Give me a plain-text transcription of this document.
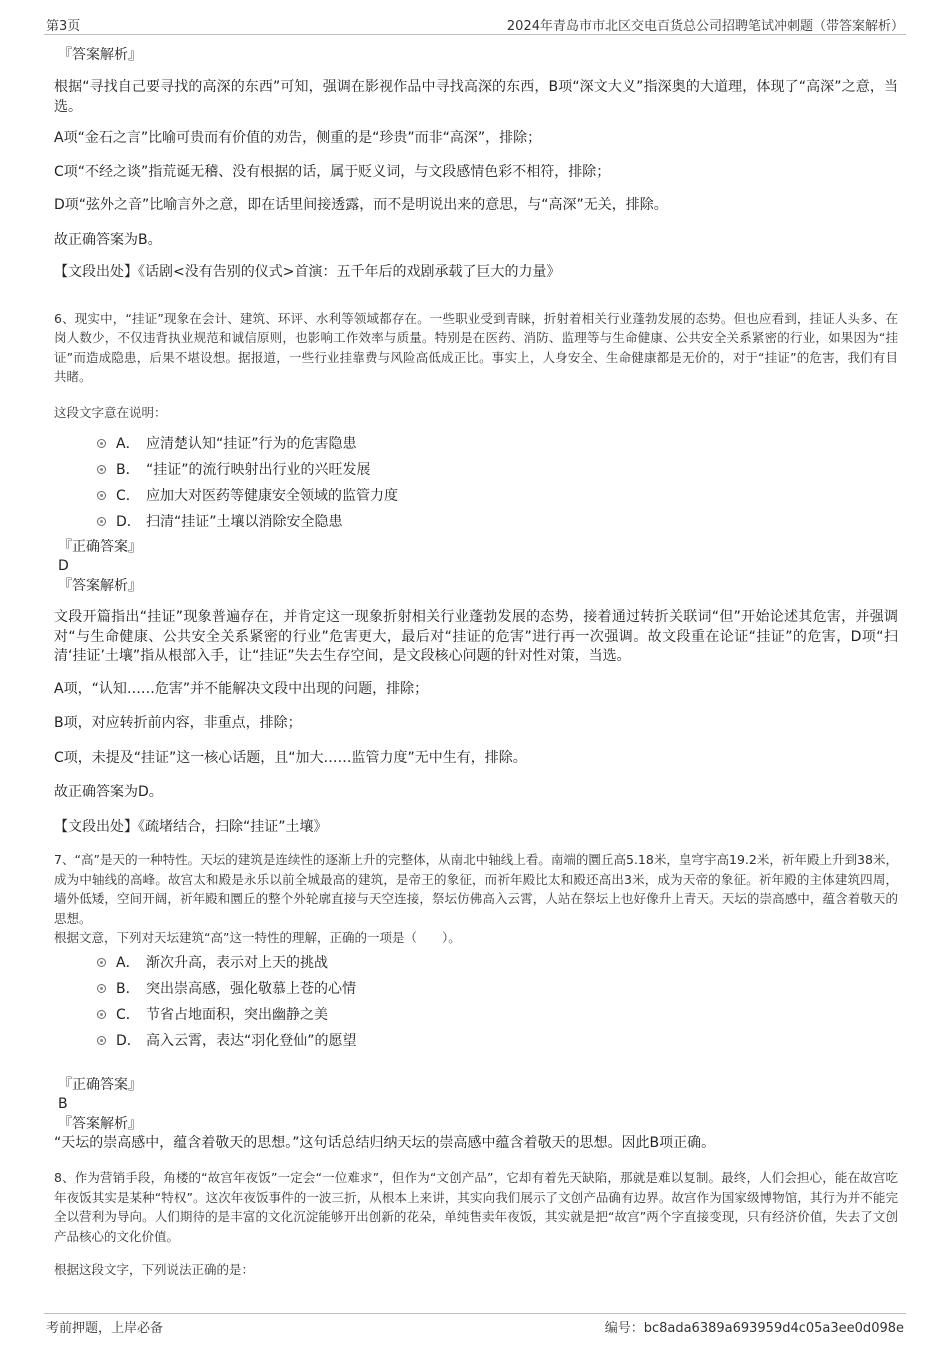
第3页	2024年青岛市市北区交电百货总公司招聘笔试冲刺题（带答案解析）

『答案解析』

根据“寻找自己要寻找的高深的东西”可知，强调在影视作品中寻找高深的东西，B项“深文大义”指深奥的大道理，体现了“高深”之意，当选。

A项“金石之言”比喻可贵而有价值的劝告，侧重的是“珍贵”而非“高深”，排除；

C项“不经之谈”指荒诞无稽、没有根据的话，属于贬义词，与文段感情色彩不相符，排除；

D项“弦外之音”比喻言外之意，即在话里间接透露，而不是明说出来的意思，与“高深”无关，排除。

故正确答案为B。

【文段出处】《话剧<没有告别的仪式>首演：五千年后的戏剧承载了巨大的力量》

6、现实中，“挂证”现象在会计、建筑、环评、水利等领域都存在。一些职业受到青睐，折射着相关行业蓬勃发展的态势。但也应看到，挂证人头多、在岗人数少，不仅违背执业规范和诚信原则，也影响工作效率与质量。特别是在医药、消防、监理等与生命健康、公共安全关系紧密的行业，如果因为“挂证”而造成隐患，后果不堪设想。据报道，一些行业挂靠费与风险高低成正比。事实上，人身安全、生命健康都是无价的，对于“挂证”的危害，我们有目共睹。

这段文字意在说明：

A． 应清楚认知“挂证”行为的危害隐患
B． “挂证”的流行映射出行业的兴旺发展
C． 应加大对医药等健康安全领域的监管力度
D． 扫清“挂证”土壤以消除安全隐患

『正确答案』

D

『答案解析』

文段开篇指出“挂证”现象普遍存在，并肯定这一现象折射相关行业蓬勃发展的态势，接着通过转折关联词“但”开始论述其危害，并强调对“与生命健康、公共安全关系紧密的行业”危害更大，最后对“挂证的危害”进行再一次强调。故文段重在论证“挂证”的危害，D项“扫清‘挂证’土壤”指从根部入手，让“挂证”失去生存空间，是文段核心问题的针对性对策，当选。

A项，“认知……危害”并不能解决文段中出现的问题，排除；

B项，对应转折前内容，非重点，排除；

C项，未提及“挂证”这一核心话题，且“加大……监管力度”无中生有，排除。

故正确答案为D。

【文段出处】《疏堵结合，扫除“挂证”土壤》

7、“高”是天的一种特性。天坛的建筑是连续性的逐渐上升的完整体，从南北中轴线上看。南端的圜丘高5.18米，皇穹宇高19.2米，祈年殿上升到38米，成为中轴线的高峰。故宫太和殿是永乐以前全城最高的建筑，是帝王的象征，而祈年殿比太和殿还高出3米，成为天帝的象征。祈年殿的主体建筑四周，墙外低矮，空间开阔，祈年殿和圜丘的整个外轮廓直接与天空连接，祭坛仿佛高入云霄，人站在祭坛上也好像升上青天。天坛的崇高感中，蕴含着敬天的思想。

根据文意，下列对天坛建筑“高”这一特性的理解，正确的一项是（　　）。

A． 渐次升高，表示对上天的挑战
B． 突出崇高感，强化敬慕上苍的心情
C． 节省占地面积，突出幽静之美
D． 高入云霄，表达“羽化登仙”的愿望

『正确答案』

B

『答案解析』

“天坛的崇高感中，蕴含着敬天的思想。”这句话总结归纳天坛的崇高感中蕴含着敬天的思想。因此B项正确。

8、作为营销手段，角楼的“故宫年夜饭”一定会“一位难求”，但作为“文创产品”，它却有着先天缺陷，那就是难以复制。最终，人们会担心，能在故宫吃年夜饭其实是某种“特权”。这次年夜饭事件的一波三折，从根本上来讲，其实向我们展示了文创产品确有边界。故宫作为国家级博物馆，其行为并不能完全以营利为导向。人们期待的是丰富的文化沉淀能够开出创新的花朵，单纯售卖年夜饭，其实就是把“故宫”两个字直接变现，只有经济价值，失去了文创产品核心的文化价值。

根据这段文字，下列说法正确的是：

考前押题，上岸必备	编号：bc8ada6389a693959d4c05a3ee0d098e
